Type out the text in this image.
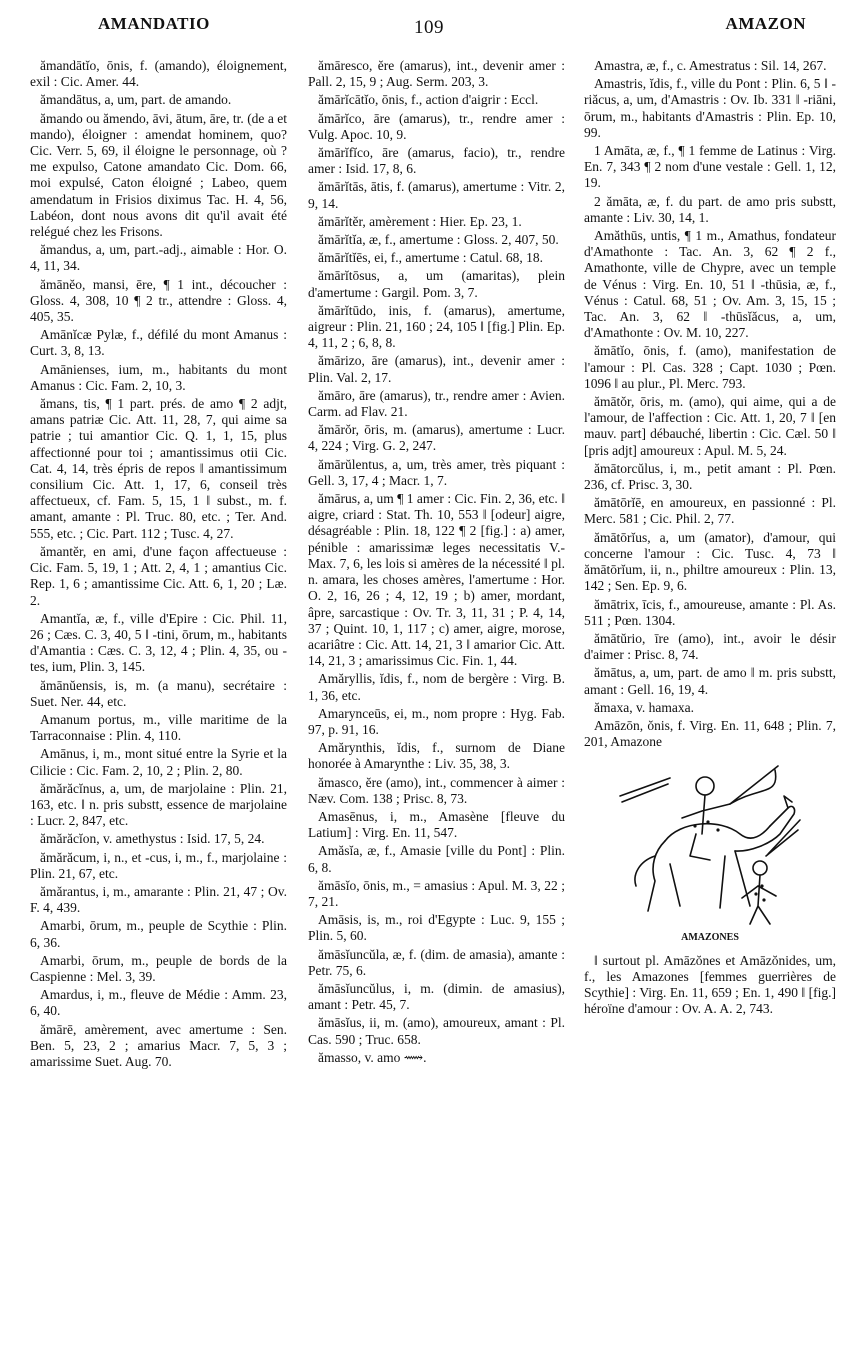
AMANDATIO	109	AMAZON

ămandātĭo, ōnis, f. (amando), éloignement, exil : Cic. Amer. 44.

ămandātus, a, um, part. de amando.

ămando ou ămendo, āvi, ātum, āre, tr. (de a et mando), éloigner : amendat hominem, quo? Cic. Verr. 5, 69, il éloigne le personnage, où ? me expulso, Catone amandato Cic. Dom. 66, moi expulsé, Caton éloigné ; Labeo, quem amendatum in Frisios diximus Tac. H. 4, 56, Labéon, dont nous avons dit qu'il avait été relégué chez les Frisons.

ămandus, a, um, part.-adj., aimable : Hor. O. 4, 11, 34.

ămānĕo, mansi, ēre, ¶ 1 int., découcher : Gloss. 4, 308, 10 ¶ 2 tr., attendre : Gloss. 4, 405, 35.

Amānĭcæ Pylæ, f., défilé du mont Amanus : Curt. 3, 8, 13.

Amānienses, ium, m., habitants du mont Amanus : Cic. Fam. 2, 10, 3.

ămans, tis, ¶ 1 part. prés. de amo ¶ 2 adjt, amans patriæ Cic. Att. 11, 28, 7, qui aime sa patrie ; tui amantior Cic. Q. 1, 1, 15, plus affectionné pour toi ; amantissimus otii Cic. Cat. 4, 14, très épris de repos ‖ amantissimum consilium Cic. Att. 1, 17, 6, conseil très affectueux, cf. Fam. 5, 15, 1 ‖ subst., m. f. amant, amante : Pl. Truc. 80, etc. ; Ter. And. 555, etc. ; Cic. Part. 112 ; Tusc. 4, 27.

ămantĕr, en ami, d'une façon affectueuse : Cic. Fam. 5, 19, 1 ; Att. 2, 4, 1 ; amantius Cic. Rep. 1, 6 ; amantissime Cic. Att. 6, 1, 20 ; Læ. 2.

Amantĭa, æ, f., ville d'Epire : Cic. Phil. 11, 26 ; Cæs. C. 3, 40, 5 ‖ -tini, ōrum, m., habitants d'Amantia : Cæs. C. 3, 12, 4 ; Plin. 4, 35, ou -tes, ium, Plin. 3, 145.

ămānŭensis, is, m. (a manu), secrétaire : Suet. Ner. 44, etc.

Amanum portus, m., ville maritime de la Tarraconnaise : Plin. 4, 110.

Amānus, i, m., mont situé entre la Syrie et la Cilicie : Cic. Fam. 2, 10, 2 ; Plin. 2, 80.

ămărăcĭnus, a, um, de marjolaine : Plin. 21, 163, etc. ‖ n. pris substt, essence de marjolaine : Lucr. 2, 847, etc.

ămărăcĭon, v. amethystus : Isid. 17, 5, 24.

ămărăcum, i, n., et -cus, i, m., f., marjolaine : Plin. 21, 67, etc.

ămărantus, i, m., amarante : Plin. 21, 47 ; Ov. F. 4, 439.

Amarbi, ōrum, m., peuple de Scythie : Plin. 6, 36.

Amarbi, ōrum, m., peuple de bords de la Caspienne : Mel. 3, 39.

Amardus, i, m., fleuve de Médie : Amm. 23, 6, 40.

ămārē, amèrement, avec amertume : Sen. Ben. 5, 23, 2 ; amarius Macr. 7, 5, 3 ; amarissime Suet. Aug. 70.

ămāresco, ĕre (amarus), int., devenir amer : Pall. 2, 15, 9 ; Aug. Serm. 203, 3.

ămārĭcātĭo, ōnis, f., action d'aigrir : Eccl.

ămārĭco, āre (amarus), tr., rendre amer : Vulg. Apoc. 10, 9.

ămārĭfĭco, āre (amarus, facio), tr., rendre amer : Isid. 17, 8, 6.

ămārĭtās, ātis, f. (amarus), amertume : Vitr. 2, 9, 14.

ămārĭtĕr, amèrement : Hier. Ep. 23, 1.

ămārĭtĭa, æ, f., amertume : Gloss. 2, 407, 50.

ămārĭtĭēs, ei, f., amertume : Catul. 68, 18.

ămārĭtōsus, a, um (amaritas), plein d'amertume : Gargil. Pom. 3, 7.

ămārĭtūdo, inis, f. (amarus), amertume, aigreur : Plin. 21, 160 ; 24, 105 ‖ [fig.] Plin. Ep. 4, 11, 2 ; 6, 8, 8.

ămārizo, āre (amarus), int., devenir amer : Plin. Val. 2, 17.

ămāro, āre (amarus), tr., rendre amer : Avien. Carm. ad Flav. 21.

ămārŏr, ōris, m. (amarus), amertume : Lucr. 4, 224 ; Virg. G. 2, 247.

ămārŭlentus, a, um, très amer, très piquant : Gell. 3, 17, 4 ; Macr. 1, 7.

ămārus, a, um ¶ 1 amer : Cic. Fin. 2, 36, etc. ‖ aigre, criard : Stat. Th. 10, 553 ‖ [odeur] aigre, désagréable : Plin. 18, 122 ¶ 2 [fig.] : a) amer, pénible : amarissimæ leges necessitatis V.-Max. 7, 6, les lois si amères de la nécessité ‖ pl. n. amara, les choses amères, l'amertume : Hor. O. 2, 16, 26 ; 4, 12, 19 ; b) amer, mordant, âpre, sarcastique : Ov. Tr. 3, 11, 31 ; P. 4, 14, 37 ; Quint. 10, 1, 117 ; c) amer, aigre, morose, acariâtre : Cic. Att. 14, 21, 3 ‖ amarior Cic. Att. 14, 21, 3 ; amarissimus Cic. Fin. 1, 44.

Amăryllis, ĭdis, f., nom de bergère : Virg. B. 1, 36, etc.

Amarynceūs, ei, m., nom propre : Hyg. Fab. 97, p. 91, 16.

Amărynthis, ĭdis, f., surnom de Diane honorée à Amarynthe : Liv. 35, 38, 3.

ămasco, ĕre (amo), int., commencer à aimer : Næv. Com. 138 ; Prisc. 8, 73.

Amasēnus, i, m., Amasène [fleuve du Latium] : Virg. En. 11, 547.

Amăsĭa, æ, f., Amasie [ville du Pont] : Plin. 6, 8.

ămāsĭo, ōnis, m., = amasius : Apul. M. 3, 22 ; 7, 21.

Amāsis, is, m., roi d'Egypte : Luc. 9, 155 ; Plin. 5, 60.

ămāsĭuncŭla, æ, f. (dim. de amasia), amante : Petr. 75, 6.

ămāsĭuncŭlus, i, m. (dimin. de amasius), amant : Petr. 45, 7.

ămāsĭus, ii, m. (amo), amoureux, amant : Pl. Cas. 590 ; Truc. 658.

ămasso, v. amo ⟿.

Amastra, æ, f., c. Amestratus : Sil. 14, 267.

Amastris, ĭdis, f., ville du Pont : Plin. 6, 5 ‖ -riăcus, a, um, d'Amastris : Ov. Ib. 331 ‖ -riāni, ōrum, m., habitants d'Amastris : Plin. Ep. 10, 99.

1 Amāta, æ, f., ¶ 1 femme de Latinus : Virg. En. 7, 343 ¶ 2 nom d'une vestale : Gell. 1, 12, 19.

2 ămāta, æ, f. du part. de amo pris substt, amante : Liv. 30, 14, 1.

Amăthūs, untis, ¶ 1 m., Amathus, fondateur d'Amathonte : Tac. An. 3, 62 ¶ 2 f., Amathonte, ville de Chypre, avec un temple de Vénus : Virg. En. 10, 51 ‖ -thūsia, æ, f., Vénus : Catul. 68, 51 ; Ov. Am. 3, 15, 15 ; Tac. An. 3, 62 ‖ -thūsĭăcus, a, um, d'Amathonte : Ov. M. 10, 227.

ămātĭo, ōnis, f. (amo), manifestation de l'amour : Pl. Cas. 328 ; Capt. 1030 ; Pœn. 1096 ‖ au plur., Pl. Merc. 793.

ămātŏr, ōris, m. (amo), qui aime, qui a de l'amour, de l'affection : Cic. Att. 1, 20, 7 ‖ [en mauv. part] débauché, libertin : Cic. Cæl. 50 ‖ [pris adjt] amoureux : Apul. M. 5, 24.

ămātorcŭlus, i, m., petit amant : Pl. Pœn. 236, cf. Prisc. 3, 30.

ămātōrĭē, en amoureux, en passionné : Pl. Merc. 581 ; Cic. Phil. 2, 77.

ămātōrĭus, a, um (amator), d'amour, qui concerne l'amour : Cic. Tusc. 4, 73 ‖ ămātōrĭum, ii, n., philtre amoureux : Plin. 13, 142 ; Sen. Ep. 9, 6.

ămātrix, īcis, f., amoureuse, amante : Pl. As. 511 ; Pœn. 1304.

ămātŭrio, īre (amo), int., avoir le désir d'aimer : Prisc. 8, 74.

ămātus, a, um, part. de amo ‖ m. pris substt, amant : Gell. 16, 19, 4.

ămaxa, v. hamaxa.

Amāzōn, ŏnis, f. Virg. En. 11, 648 ; Plin. 7, 201, Amazone

AMAZONES

‖ surtout pl. Amāzŏnes et Amāzŏnides, um, f., les Amazones [femmes guerrières de Scythie] : Virg. En. 11, 659 ; En. 1, 490 ‖ [fig.] héroïne d'amour : Ov. A. A. 2, 743.
